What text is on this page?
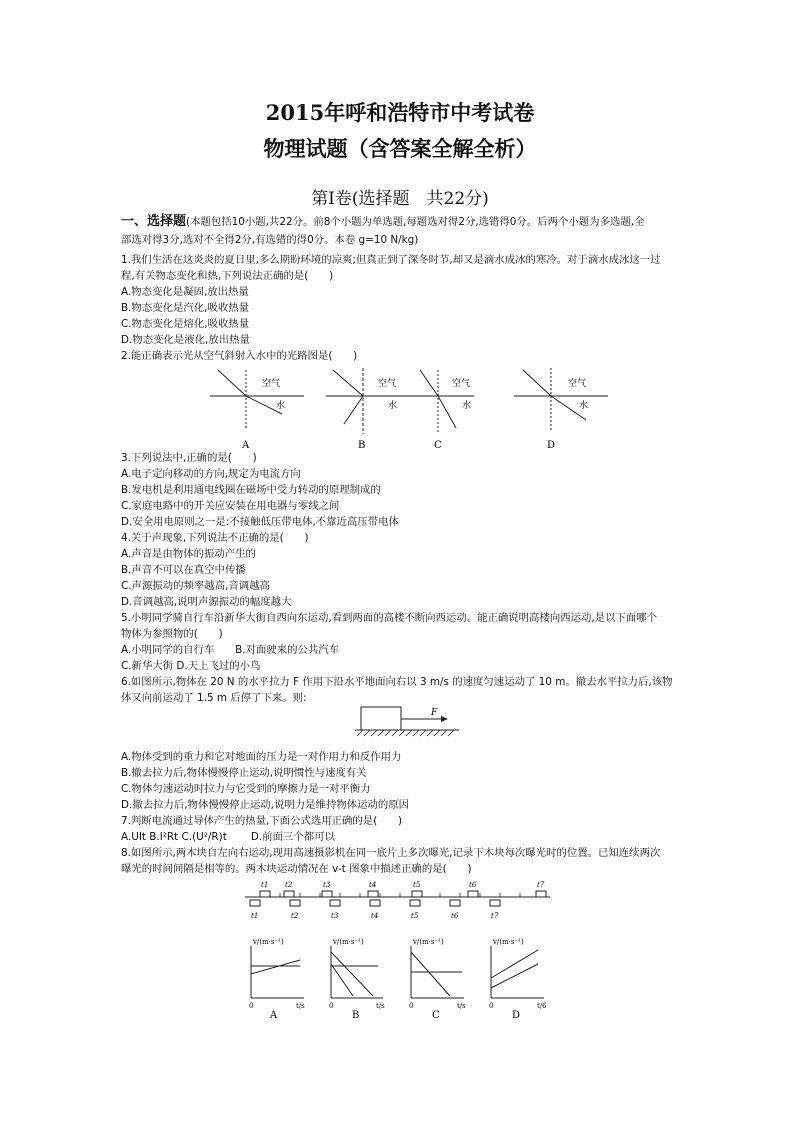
2015年呼和浩特市中考试卷
物理试题（含答案全解全析）
第Ⅰ卷(选择题　共22分)
一、选择题(本题包括10小题,共22分。前8个小题为单选题,每题选对得2分,选错得0分。后两个小题为多选题,全
部选对得3分,选对不全得2分,有选错的得0分。本卷 g=10 N/kg)
1.我们生活在这炎炎的夏日里,多么期盼环境的凉爽;但真正到了深冬时节,却又是滴水成冰的寒冷。对于滴水成冰这一过
程,有关物态变化和热,下列说法正确的是(　　)
A.物态变化是凝固,放出热量
B.物态变化是汽化,吸收热量
C.物态变化是熔化,吸收热量
D.物态变化是液化,放出热量
2.能正确表示光从空气斜射入水中的光路图是(　　)
空气
水
空气
水
空气
水
空气
水
A	B	C	D
3.下列说法中,正确的是(　　)
A.电子定向移动的方向,规定为电流方向
B.发电机是利用通电线圈在磁场中受力转动的原理制成的
C.家庭电路中的开关应安装在用电器与零线之间
D.安全用电原则之一是:不接触低压带电体,不靠近高压带电体
4.关于声现象,下列说法不正确的是(　　)
A.声音是由物体的振动产生的
B.声音不可以在真空中传播
C.声源振动的频率越高,音调越高
D.音调越高,说明声源振动的幅度越大
5.小明同学骑自行车沿新华大街自西向东运动,看到两面的高楼不断向西运动。能正确说明高楼向西运动,是以下面哪个
物体为参照物的(　　)
A.小明同学的自行车　　B.对面驶来的公共汽车
C.新华大街 D.天上飞过的小鸟
6.如图所示,物体在 20 N 的水平拉力 F 作用下沿水平地面向右以 3 m/s 的速度匀速运动了 10 m。撤去水平拉力后,该物
体又向前运动了 1.5 m 后停了下来。则:
F
A.物体受到的重力和它对地面的压力是一对作用力和反作用力
B.撤去拉力后,物体慢慢停止运动,说明惯性与速度有关
C.物体匀速运动时拉力与它受到的摩擦力是一对平衡力
D.撤去拉力后,物体慢慢停止运动,说明力是维持物体运动的原因
7.判断电流通过导体产生的热量,下面公式选用正确的是(　　)
A.UIt B.I²Rt C.(U²/R)t 　　D.前面三个都可以
8.如图所示,两木块自左向右运动,现用高速摄影机在同一底片上多次曝光,记录下木块每次曝光时的位置。已知连续两次
曝光的时间间隔是相等的。两木块运动情况在 v-t 图象中描述正确的是(　　)
t1 t2	t3	t4	t5	t6	t7
t1	t2	t3	t4	t5	t6	t7
v/(m·s⁻¹)	v/(m·s⁻¹)	v/(m·s⁻¹)	v/(m·s⁻¹)
t/s	t/s	t/s	t/6
0	0	0	0
A	B	C	D
